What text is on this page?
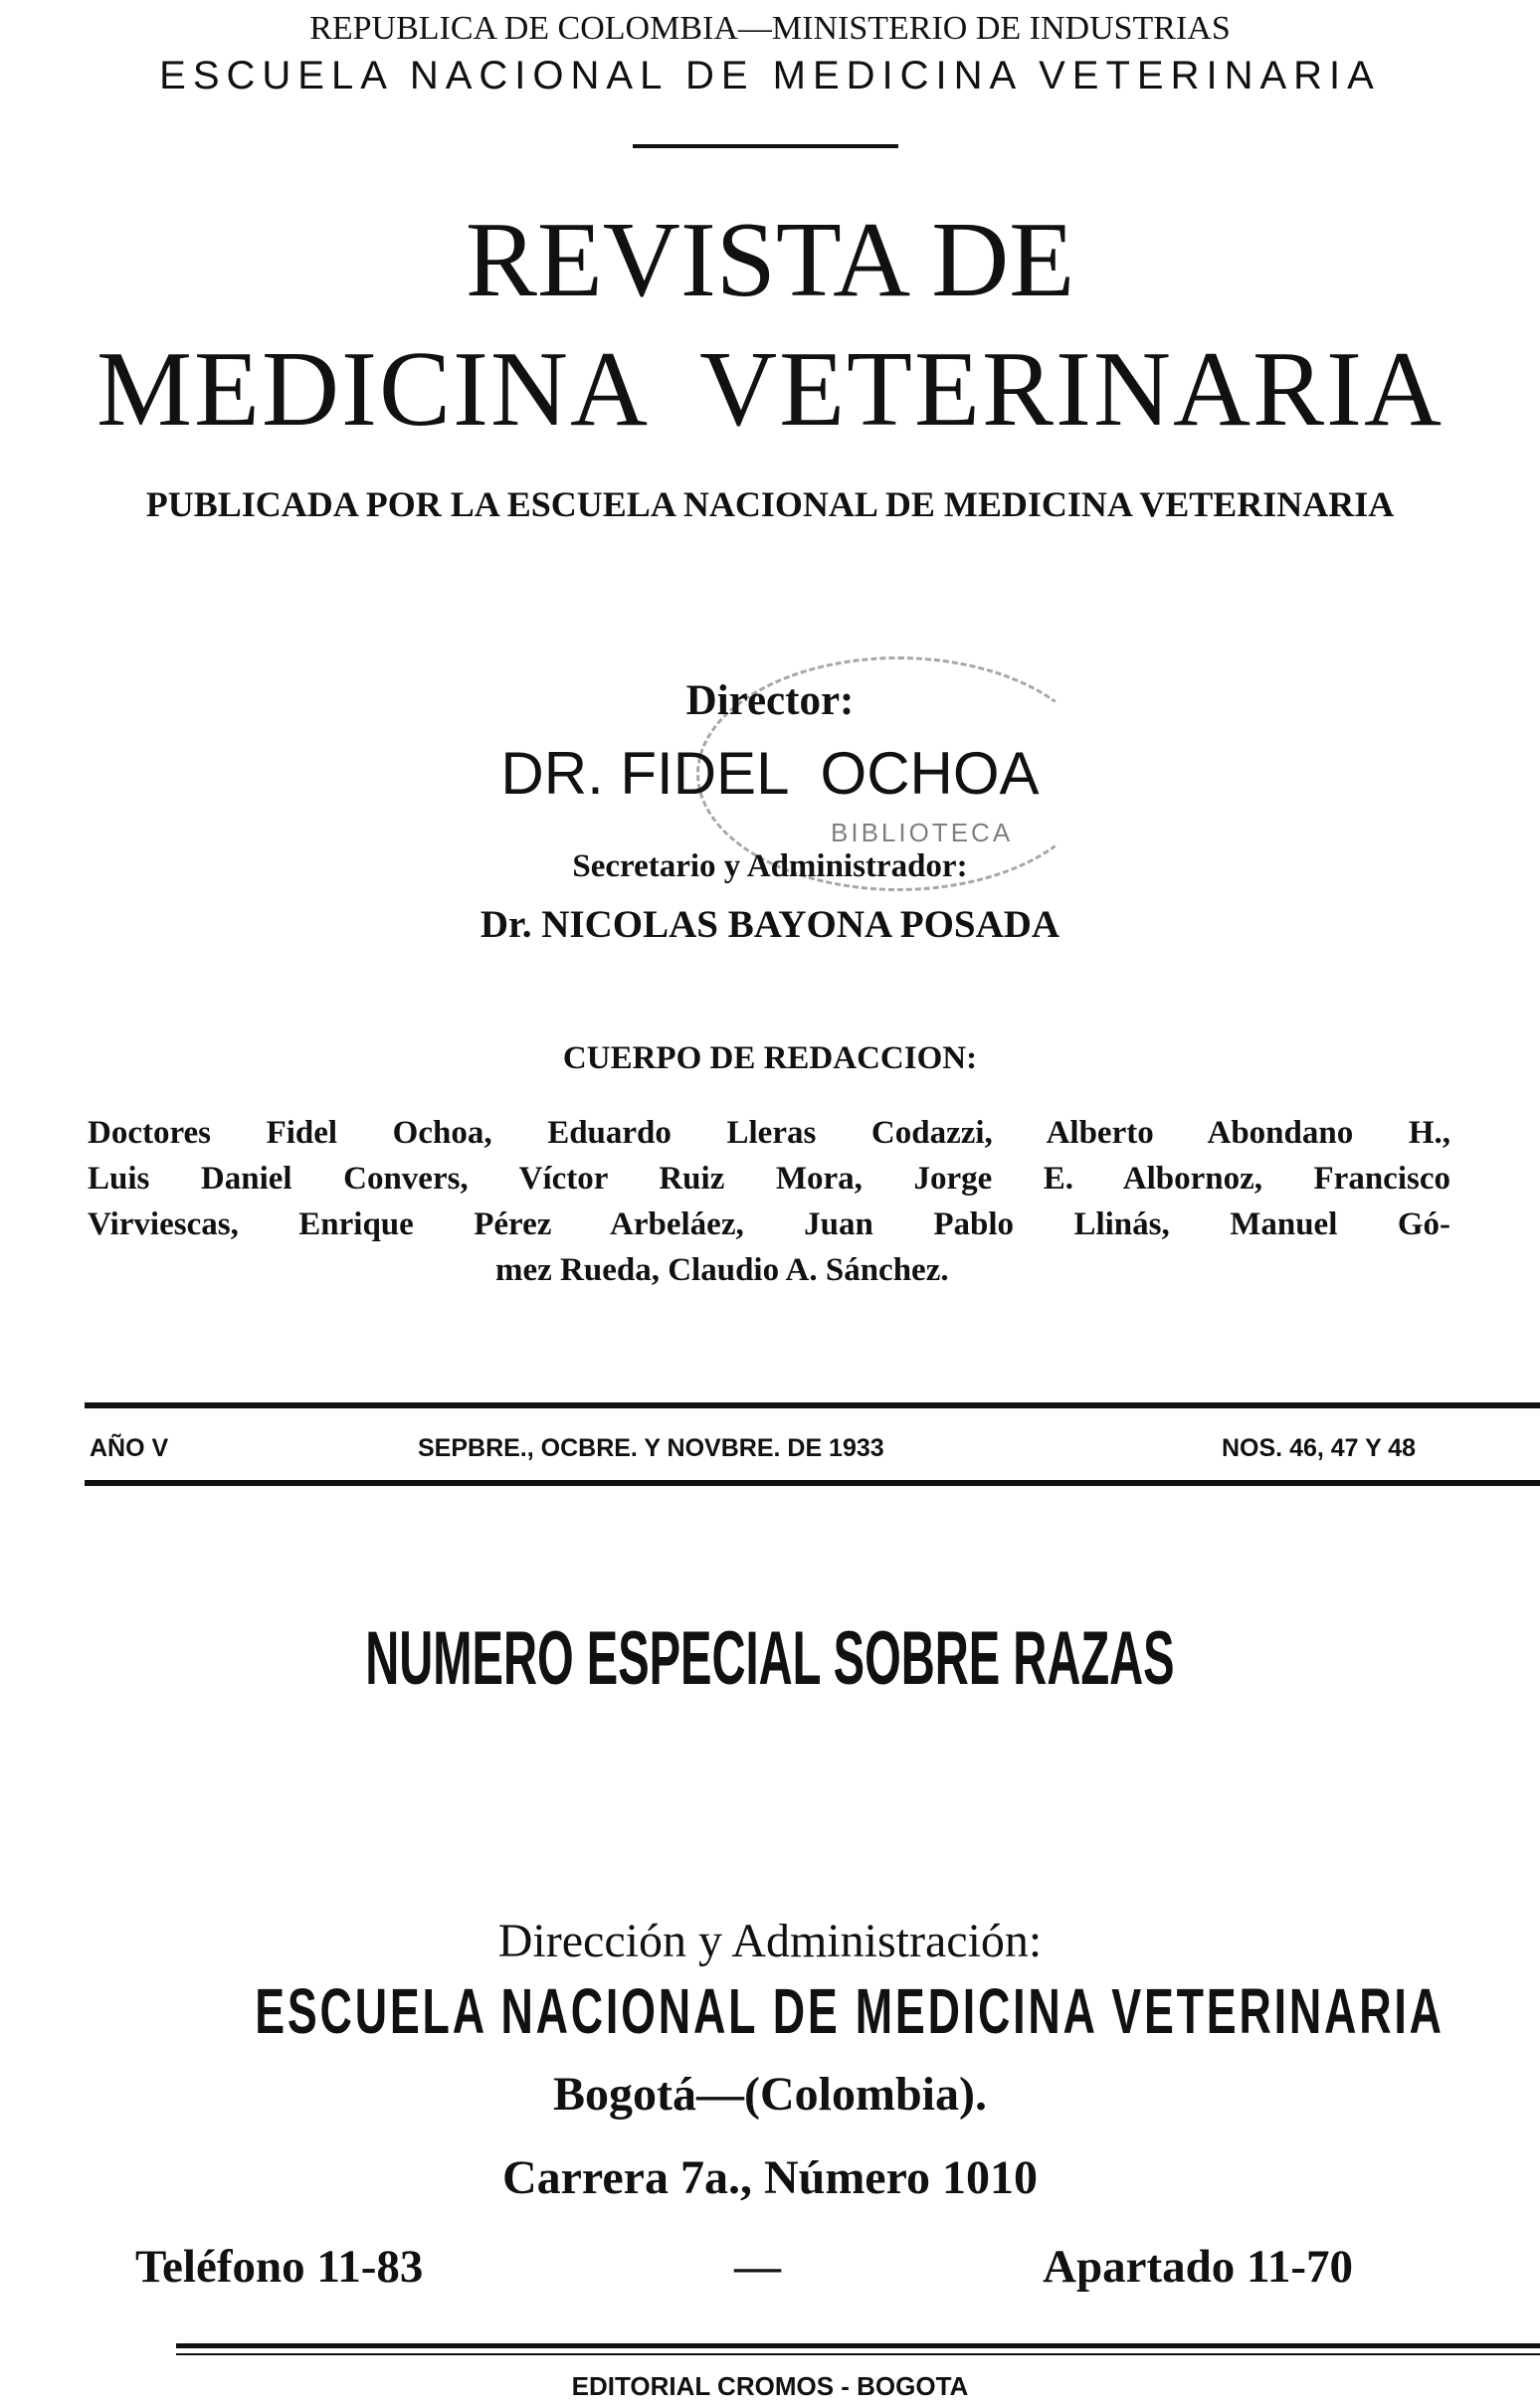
REPUBLICA DE COLOMBIA—MINISTERIO DE INDUSTRIAS
ESCUELA NACIONAL DE MEDICINA VETERINARIA
REVISTA DE
MEDICINA  VETERINARIA
PUBLICADA POR LA ESCUELA NACIONAL DE MEDICINA VETERINARIA
BIBLIOTECA
Director:
DR. FIDEL  OCHOA
Secretario y Administrador:
Dr. NICOLAS BAYONA POSADA
CUERPO DE REDACCION:
Doctores Fidel Ochoa, Eduardo Lleras Codazzi, Alberto Abondano H.,
Luis Daniel Convers, Víctor Ruiz Mora, Jorge E. Albornoz, Francisco
Virviescas, Enrique Pérez Arbeláez, Juan Pablo Llinás, Manuel Gó-
mez Rueda, Claudio A. Sánchez.
AÑO V	SEPBRE., OCBRE. Y NOVBRE. DE 1933	NOS. 46, 47 Y 48
NUMERO ESPECIAL SOBRE RAZAS
Dirección y Administración:
ESCUELA NACIONAL DE MEDICINA VETERINARIA
Bogotá—(Colombia).
Carrera 7a., Número 1010
Teléfono 11-83	—	Apartado 11-70
EDITORIAL CROMOS - BOGOTA
